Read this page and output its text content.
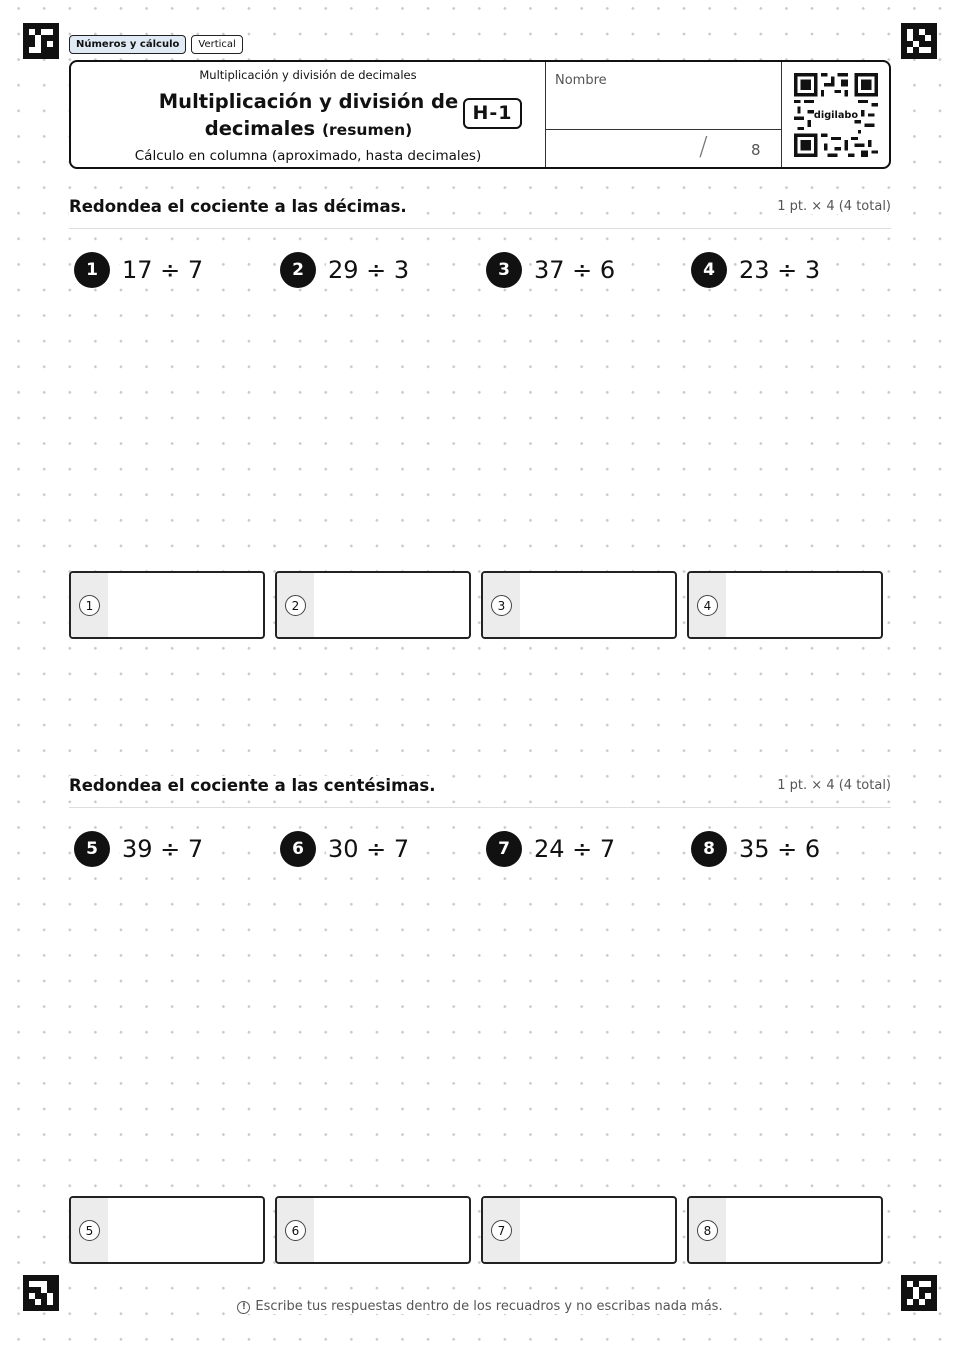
Números y cálculo	Vertical
Multiplicación y división de decimales
Multiplicación y división de
decimales (resumen)
H-1
Cálculo en columna (aproximado, hasta decimales)
Nombre
/	8
digilabo
Redondea el cociente a las décimas.	1 pt. × 4 (4 total)
1	17 ÷ 7	2	29 ÷ 3	3	37 ÷ 6	4	23 ÷ 3
1	2	3	4
Redondea el cociente a las centésimas.	1 pt. × 4 (4 total)
5	39 ÷ 7	6	30 ÷ 7	7	24 ÷ 7	8	35 ÷ 6
5	6	7	8
! Escribe tus respuestas dentro de los recuadros y no escribas nada más.
